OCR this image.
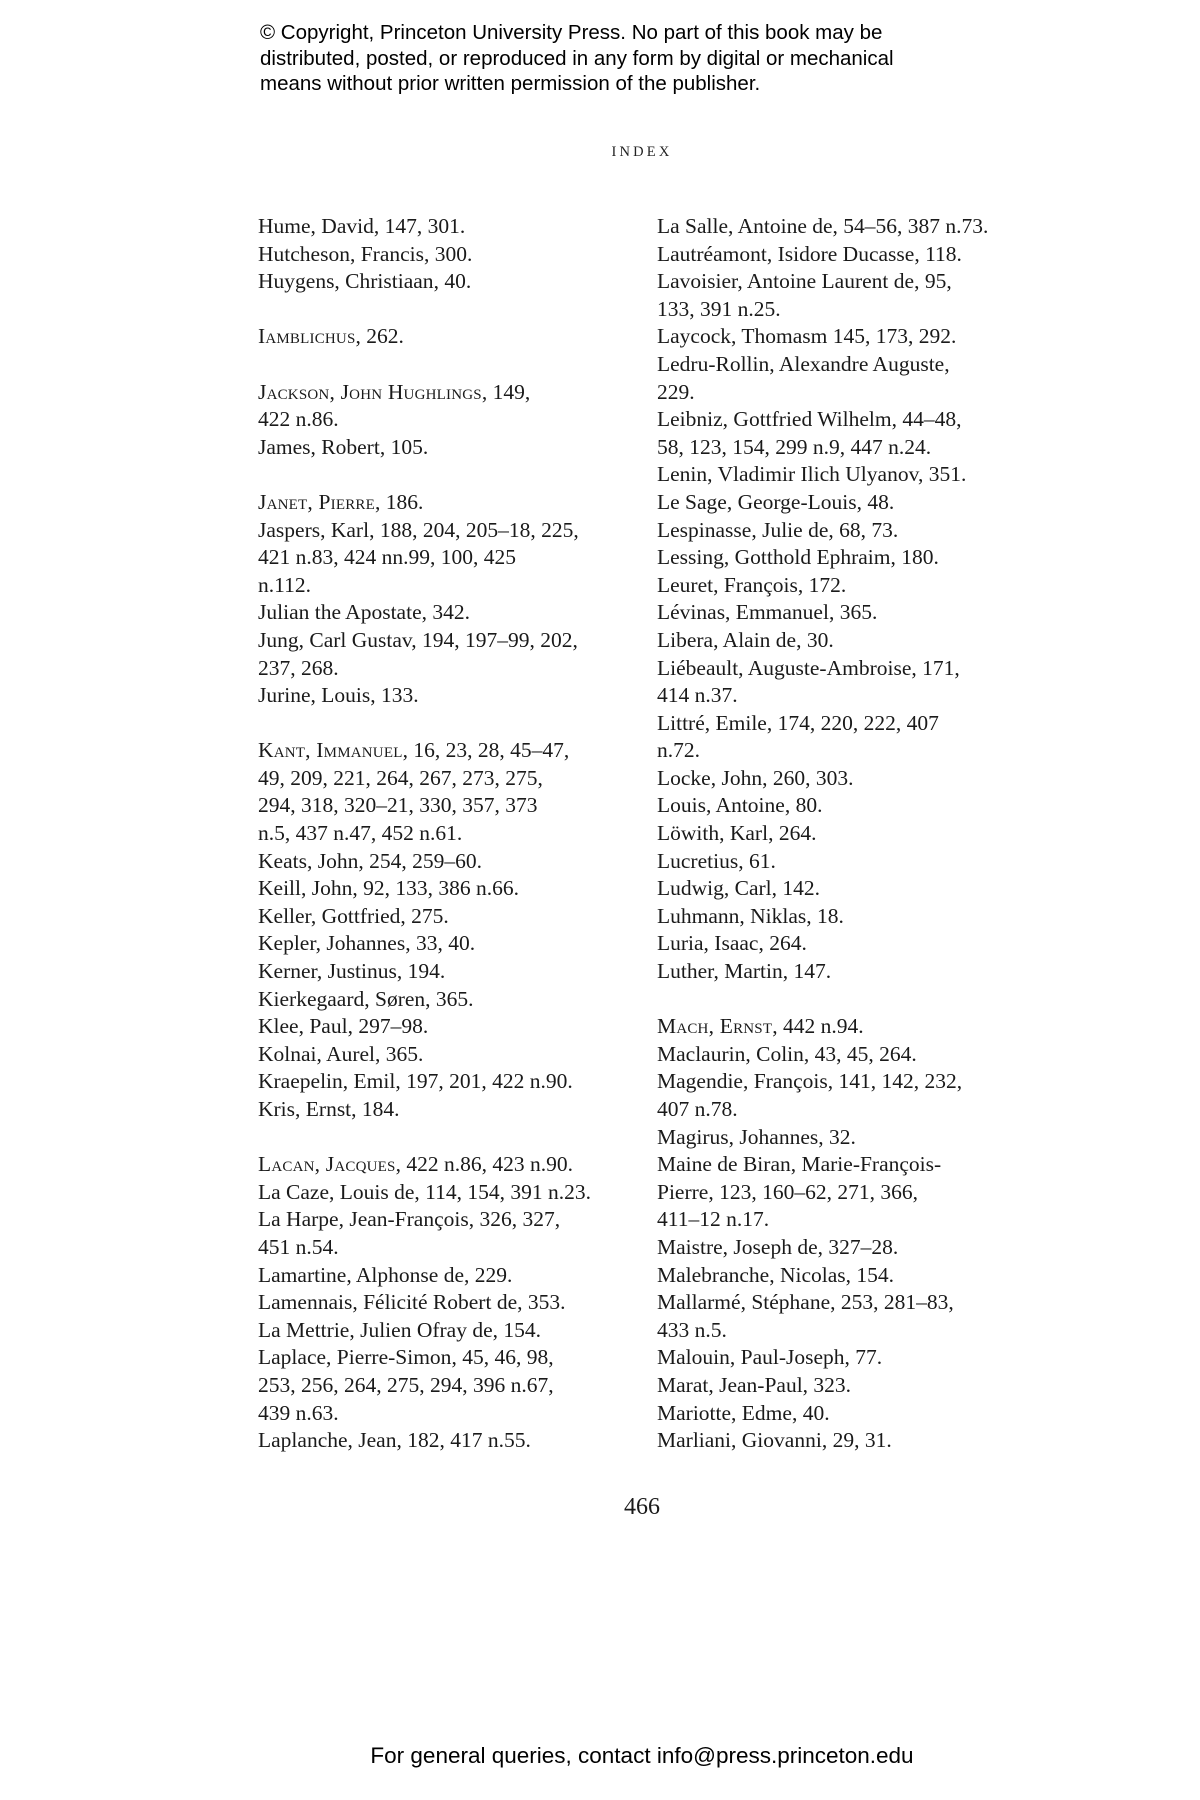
© Copyright, Princeton University Press. No part of this book may be
distributed, posted, or reproduced in any form by digital or mechanical
means without prior written permission of the publisher.
INDEX
Hume, David, 147, 301.
Hutcheson, Francis, 300.
Huygens, Christiaan, 40.
Iamblichus, 262.
Jackson, John Hughlings, 149,
422 n.86.
James, Robert, 105.
Janet, Pierre, 186.
Jaspers, Karl, 188, 204, 205–18, 225,
421 n.83, 424 nn.99, 100, 425
n.112.
Julian the Apostate, 342.
Jung, Carl Gustav, 194, 197–99, 202,
237, 268.
Jurine, Louis, 133.
Kant, Immanuel, 16, 23, 28, 45–47,
49, 209, 221, 264, 267, 273, 275,
294, 318, 320–21, 330, 357, 373
n.5, 437 n.47, 452 n.61.
Keats, John, 254, 259–60.
Keill, John, 92, 133, 386 n.66.
Keller, Gottfried, 275.
Kepler, Johannes, 33, 40.
Kerner, Justinus, 194.
Kierkegaard, Søren, 365.
Klee, Paul, 297–98.
Kolnai, Aurel, 365.
Kraepelin, Emil, 197, 201, 422 n.90.
Kris, Ernst, 184.
Lacan, Jacques, 422 n.86, 423 n.90.
La Caze, Louis de, 114, 154, 391 n.23.
La Harpe, Jean-François, 326, 327,
451 n.54.
Lamartine, Alphonse de, 229.
Lamennais, Félicité Robert de, 353.
La Mettrie, Julien Ofray de, 154.
Laplace, Pierre-Simon, 45, 46, 98,
253, 256, 264, 275, 294, 396 n.67,
439 n.63.
Laplanche, Jean, 182, 417 n.55.
La Salle, Antoine de, 54–56, 387 n.73.
Lautréamont, Isidore Ducasse, 118.
Lavoisier, Antoine Laurent de, 95,
133, 391 n.25.
Laycock, Thomasm 145, 173, 292.
Ledru-Rollin, Alexandre Auguste,
229.
Leibniz, Gottfried Wilhelm, 44–48,
58, 123, 154, 299 n.9, 447 n.24.
Lenin, Vladimir Ilich Ulyanov, 351.
Le Sage, George-Louis, 48.
Lespinasse, Julie de, 68, 73.
Lessing, Gotthold Ephraim, 180.
Leuret, François, 172.
Lévinas, Emmanuel, 365.
Libera, Alain de, 30.
Liébeault, Auguste-Ambroise, 171,
414 n.37.
Littré, Emile, 174, 220, 222, 407
n.72.
Locke, John, 260, 303.
Louis, Antoine, 80.
Löwith, Karl, 264.
Lucretius, 61.
Ludwig, Carl, 142.
Luhmann, Niklas, 18.
Luria, Isaac, 264.
Luther, Martin, 147.
Mach, Ernst, 442 n.94.
Maclaurin, Colin, 43, 45, 264.
Magendie, François, 141, 142, 232,
407 n.78.
Magirus, Johannes, 32.
Maine de Biran, Marie-François-
Pierre, 123, 160–62, 271, 366,
411–12 n.17.
Maistre, Joseph de, 327–28.
Malebranche, Nicolas, 154.
Mallarmé, Stéphane, 253, 281–83,
433 n.5.
Malouin, Paul-Joseph, 77.
Marat, Jean-Paul, 323.
Mariotte, Edme, 40.
Marliani, Giovanni, 29, 31.
466
For general queries, contact info@press.princeton.edu
